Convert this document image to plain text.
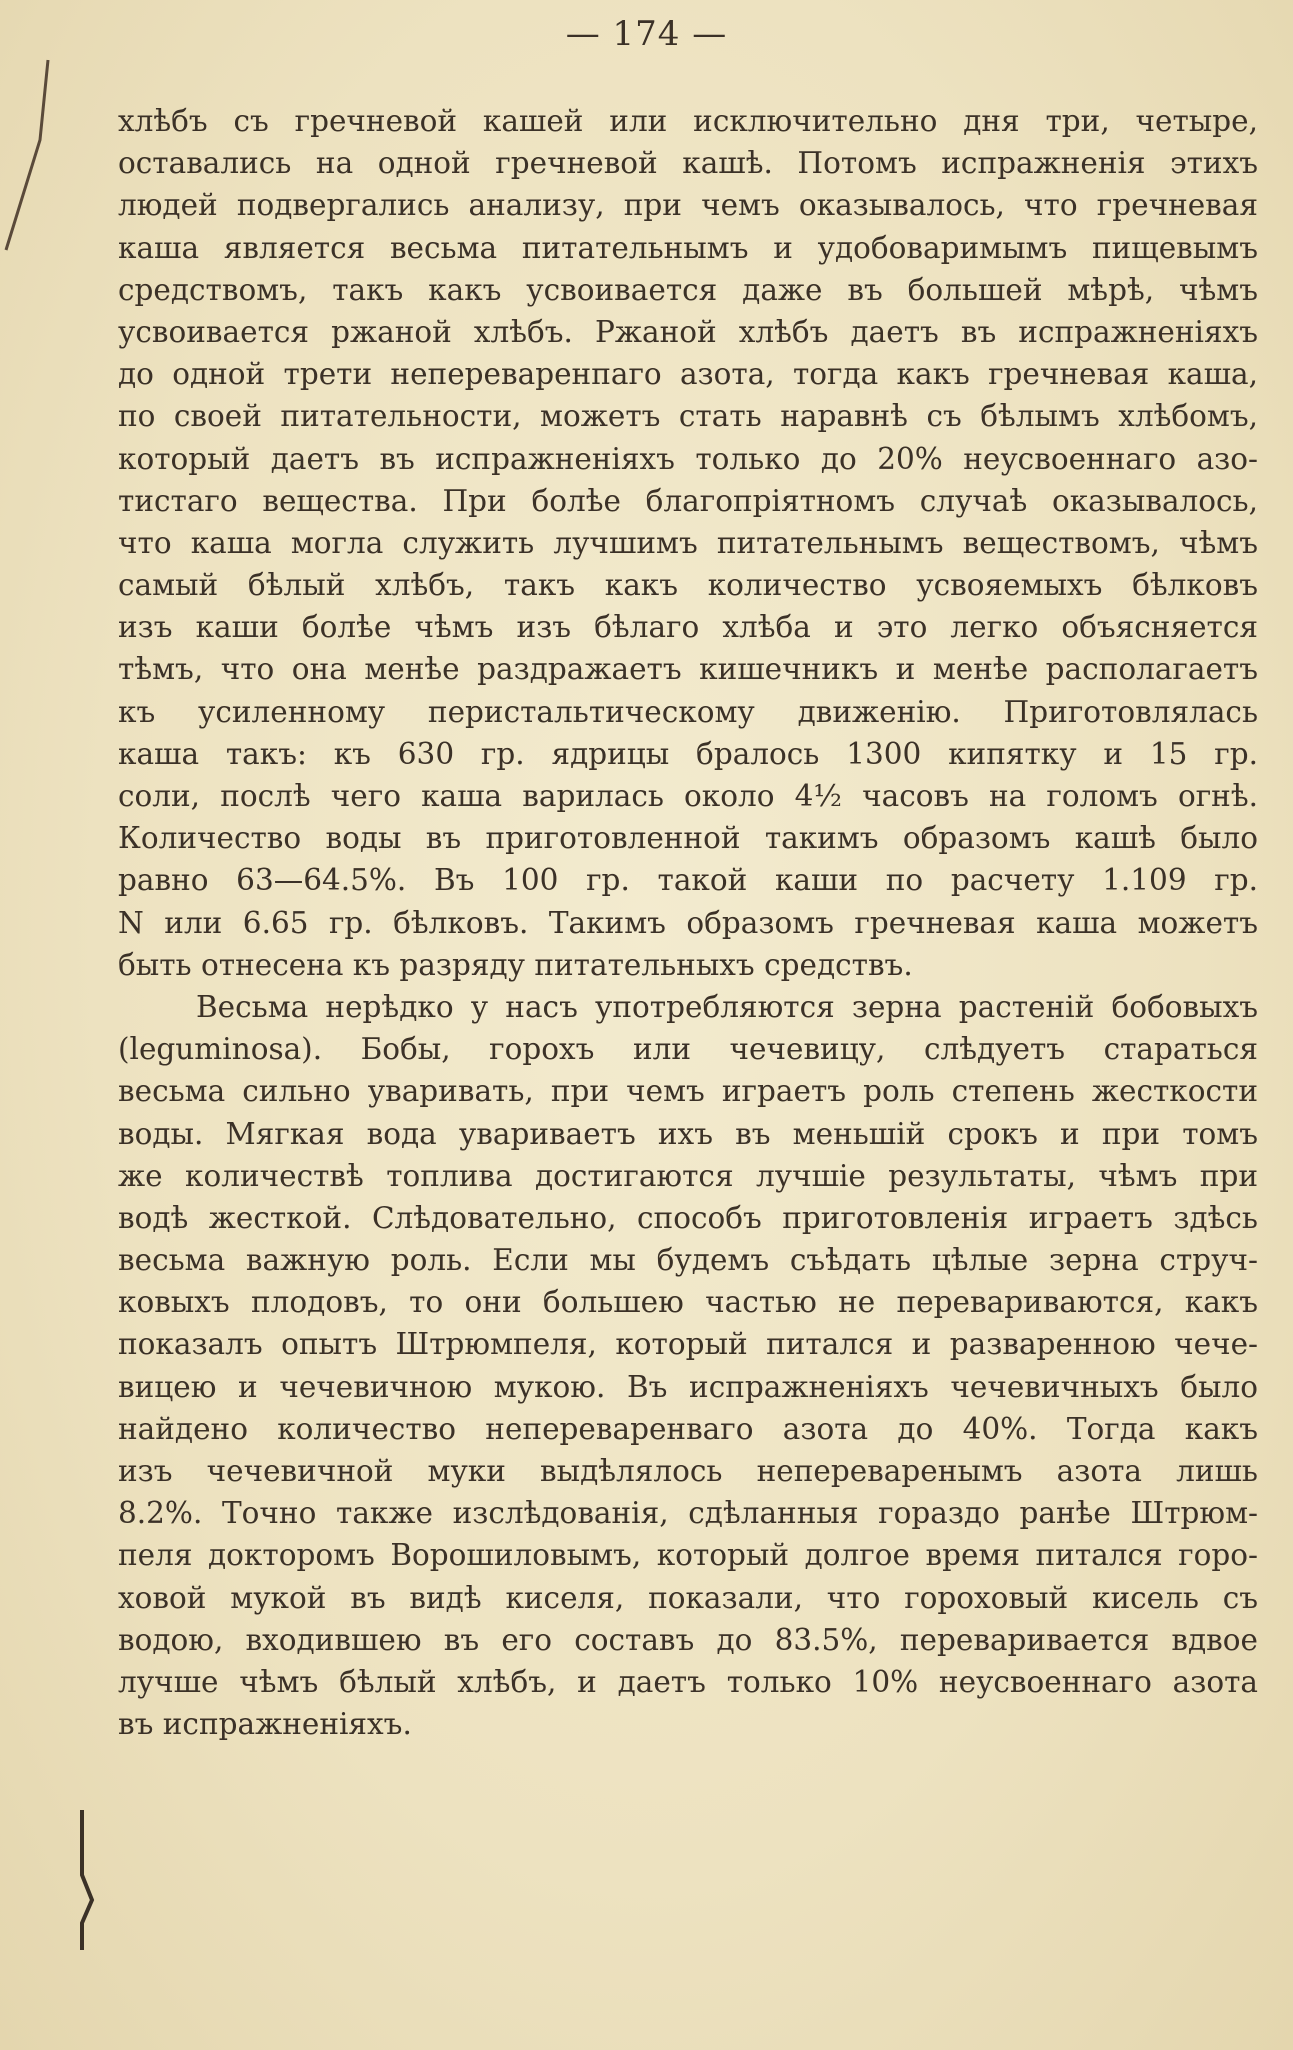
— 174 —
хлѣбъ съ гречневой кашей или исключительно дня три, четыре,
оставались на одной гречневой кашѣ. Потомъ испражненія этихъ
людей подвергались анализу, при чемъ оказывалось, что гречневая
каша является весьма питательнымъ и удобоваримымъ пищевымъ
средствомъ, такъ какъ усвоивается даже въ большей мѣрѣ, чѣмъ
усвоивается ржаной хлѣбъ. Ржаной хлѣбъ даетъ въ испражненіяхъ
до одной трети непереваренпаго азота, тогда какъ гречневая каша,
по своей питательности, можетъ стать наравнѣ съ бѣлымъ хлѣбомъ,
который даетъ въ испражненіяхъ только до 20% неусвоеннаго азо-
тистаго вещества. При болѣе благопріятномъ случаѣ оказывалось,
что каша могла служить лучшимъ питательнымъ веществомъ, чѣмъ
самый бѣлый хлѣбъ, такъ какъ количество усвояемыхъ бѣлковъ
изъ каши болѣе чѣмъ изъ бѣлаго хлѣба и это легко объясняется
тѣмъ, что она менѣе раздражаетъ кишечникъ и менѣе располагаетъ
къ усиленному перистальтическому движенію. Приготовлялась
каша такъ: къ 630 гр. ядрицы бралось 1300 кипятку и 15 гр.
соли, послѣ чего каша варилась около 4½ часовъ на голомъ огнѣ.
Количество воды въ приготовленной такимъ образомъ кашѣ было
равно 63—64.5%. Въ 100 гр. такой каши по расчету 1.109 гр.
N или 6.65 гр. бѣлковъ. Такимъ образомъ гречневая каша можетъ
быть отнесена къ разряду питательныхъ средствъ.
Весьма нерѣдко у насъ употребляются зерна растеній бобовыхъ
(leguminosa). Бобы, горохъ или чечевицу, слѣдуетъ стараться
весьма сильно уваривать, при чемъ играетъ роль степень жесткости
воды. Мягкая вода увариваетъ ихъ въ меньшій срокъ и при томъ
же количествѣ топлива достигаются лучшіе результаты, чѣмъ при
водѣ жесткой. Слѣдовательно, способъ приготовленія играетъ здѣсь
весьма важную роль. Если мы будемъ съѣдать цѣлые зерна струч-
ковыхъ плодовъ, то они большею частью не перевариваются, какъ
показалъ опытъ Штрюмпеля, который питался и разваренною чече-
вицею и чечевичною мукою. Въ испражненіяхъ чечевичныхъ было
найдено количество непереваренваго азота до 40%. Тогда какъ
изъ чечевичной муки выдѣлялось непереваренымъ азота лишь
8.2%. Точно также изслѣдованія, сдѣланныя гораздо ранѣе Штрюм-
пеля докторомъ Ворошиловымъ, который долгое время питался горо-
ховой мукой въ видѣ киселя, показали, что гороховый кисель съ
водою, входившею въ его составъ до 83.5%, переваривается вдвое
лучше чѣмъ бѣлый хлѣбъ, и даетъ только 10% неусвоеннаго азота
въ испражненіяхъ.
